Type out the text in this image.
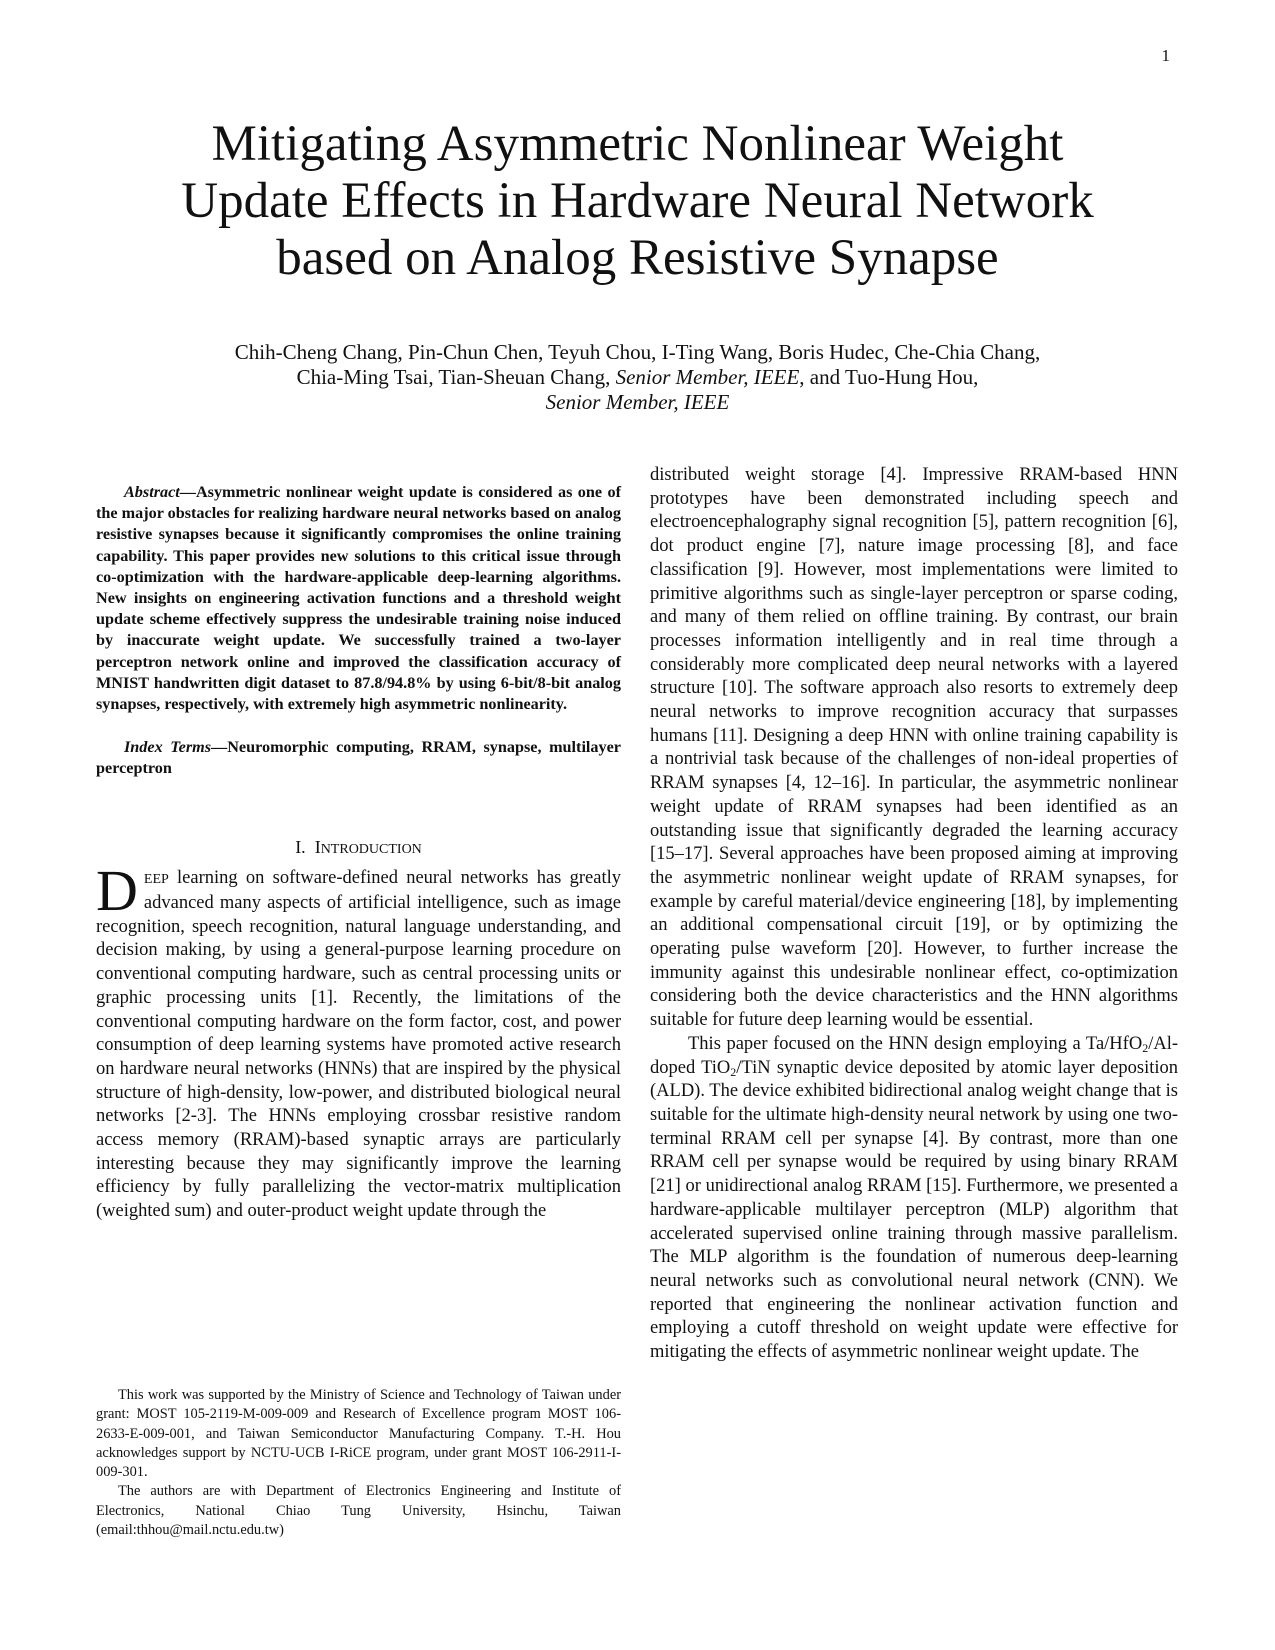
1
Mitigating Asymmetric Nonlinear Weight
Update Effects in Hardware Neural Network
based on Analog Resistive Synapse
Chih-Cheng Chang, Pin-Chun Chen, Teyuh Chou, I-Ting Wang, Boris Hudec, Che-Chia Chang,
Chia-Ming Tsai, Tian-Sheuan Chang, Senior Member, IEEE, and Tuo-Hung Hou,
Senior Member, IEEE

Abstract—Asymmetric nonlinear weight update is considered as one of the major obstacles for realizing hardware neural networks based on analog resistive synapses because it significantly compromises the online training capability. This paper provides new solutions to this critical issue through co-optimization with the hardware-applicable deep-learning algorithms. New insights on engineering activation functions and a threshold weight update scheme effectively suppress the undesirable training noise induced by inaccurate weight update. We successfully trained a two-layer perceptron network online and improved the classification accuracy of MNIST handwritten digit dataset to 87.8/94.8% by using 6-bit/8-bit analog synapses, respectively, with extremely high asymmetric nonlinearity.

Index Terms—Neuromorphic computing, RRAM, synapse, multilayer perceptron

I. INTRODUCTION

DEEP learning on software-defined neural networks has greatly advanced many aspects of artificial intelligence, such as image recognition, speech recognition, natural language understanding, and decision making, by using a general-purpose learning procedure on conventional computing hardware, such as central processing units or graphic processing units [1]. Recently, the limitations of the conventional computing hardware on the form factor, cost, and power consumption of deep learning systems have promoted active research on hardware neural networks (HNNs) that are inspired by the physical structure of high-density, low-power, and distributed biological neural networks [2-3]. The HNNs employing crossbar resistive random access memory (RRAM)-based synaptic arrays are particularly interesting because they may significantly improve the learning efficiency by fully parallelizing the vector-matrix multiplication (weighted sum) and outer-product weight update through the

This work was supported by the Ministry of Science and Technology of Taiwan under grant: MOST 105-2119-M-009-009 and Research of Excellence program MOST 106-2633-E-009-001, and Taiwan Semiconductor Manufacturing Company. T.-H. Hou acknowledges support by NCTU-UCB I-RiCE program, under grant MOST 106-2911-I-009-301.

The authors are with Department of Electronics Engineering and Institute of Electronics, National Chiao Tung University, Hsinchu, Taiwan (email:thhou@mail.nctu.edu.tw)

distributed weight storage [4]. Impressive RRAM-based HNN prototypes have been demonstrated including speech and electroencephalography signal recognition [5], pattern recognition [6], dot product engine [7], nature image processing [8], and face classification [9]. However, most implementations were limited to primitive algorithms such as single-layer perceptron or sparse coding, and many of them relied on offline training. By contrast, our brain processes information intelligently and in real time through a considerably more complicated deep neural networks with a layered structure [10]. The software approach also resorts to extremely deep neural networks to improve recognition accuracy that surpasses humans [11]. Designing a deep HNN with online training capability is a nontrivial task because of the challenges of non-ideal properties of RRAM synapses [4, 12–16]. In particular, the asymmetric nonlinear weight update of RRAM synapses had been identified as an outstanding issue that significantly degraded the learning accuracy [15–17]. Several approaches have been proposed aiming at improving the asymmetric nonlinear weight update of RRAM synapses, for example by careful material/device engineering [18], by implementing an additional compensational circuit [19], or by optimizing the operating pulse waveform [20]. However, to further increase the immunity against this undesirable nonlinear effect, co-optimization considering both the device characteristics and the HNN algorithms suitable for future deep learning would be essential.

This paper focused on the HNN design employing a Ta/HfO$_2$/Al-doped TiO$_2$/TiN synaptic device deposited by atomic layer deposition (ALD). The device exhibited bidirectional analog weight change that is suitable for the ultimate high-density neural network by using one two-terminal RRAM cell per synapse [4]. By contrast, more than one RRAM cell per synapse would be required by using binary RRAM [21] or unidirectional analog RRAM [15]. Furthermore, we presented a hardware-applicable multilayer perceptron (MLP) algorithm that accelerated supervised online training through massive parallelism. The MLP algorithm is the foundation of numerous deep-learning neural networks such as convolutional neural network (CNN). We reported that engineering the nonlinear activation function and employing a cutoff threshold on weight update were effective for mitigating the effects of asymmetric nonlinear weight update. The
